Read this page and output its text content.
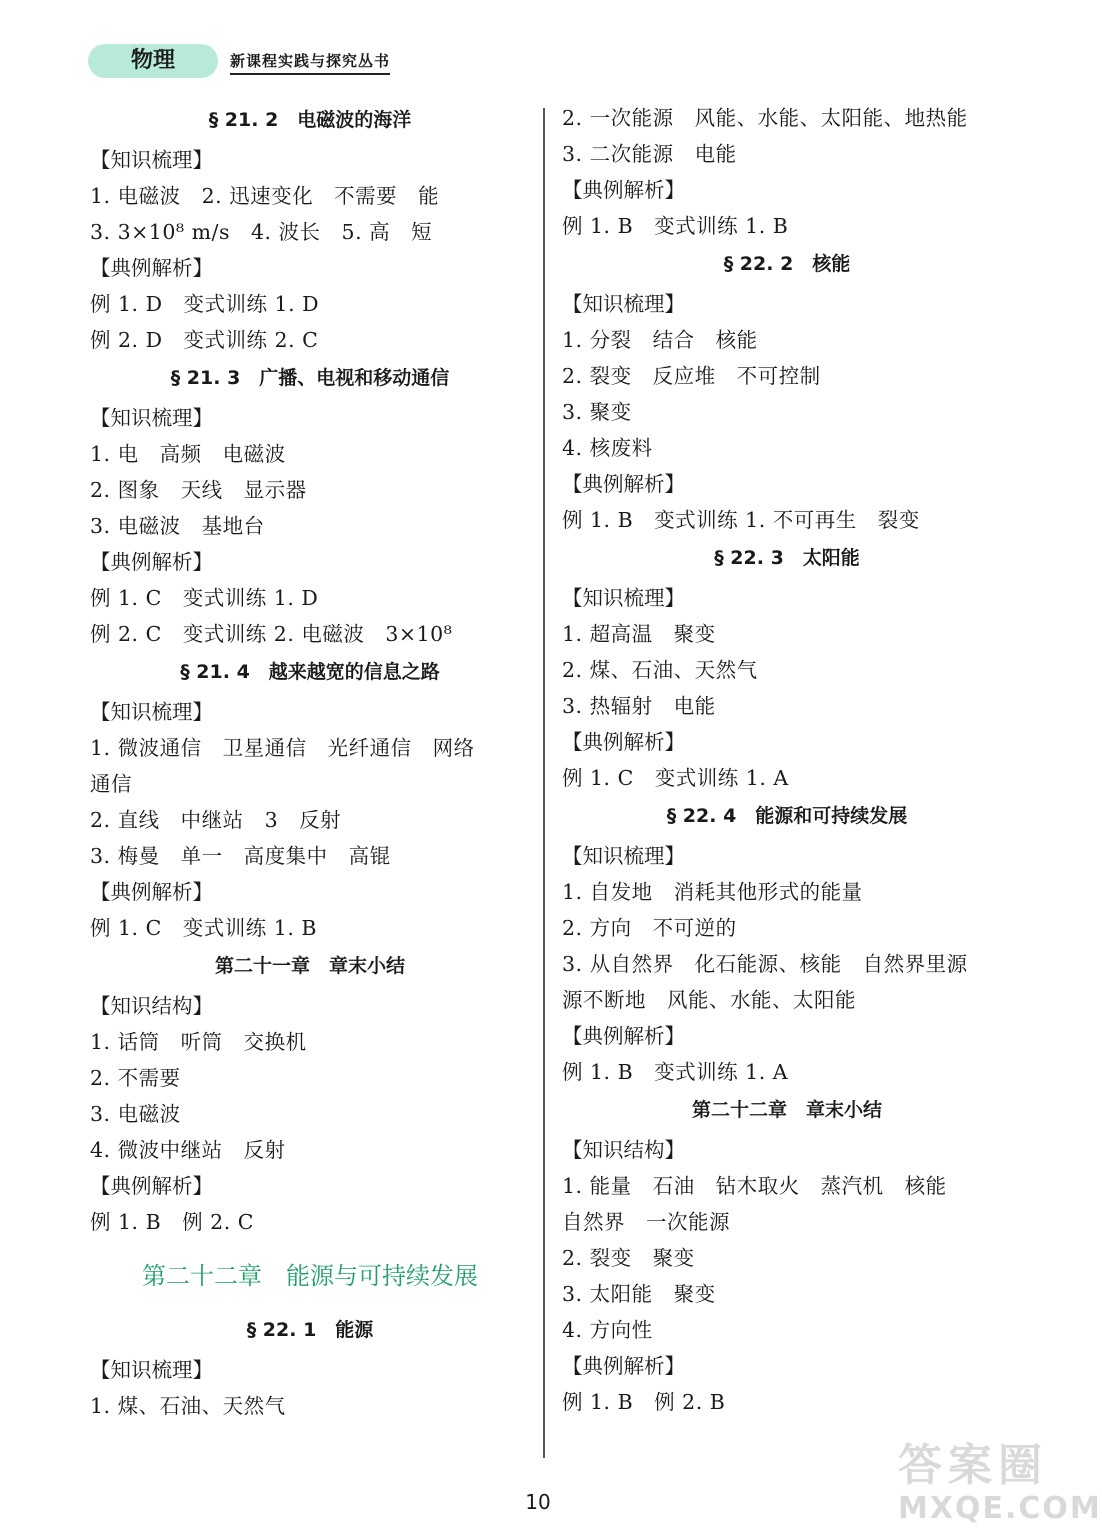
物理	新课程实践与探究丛书
§ 21. 2　电磁波的海洋
【知识梳理】
1. 电磁波　2. 迅速变化　不需要　能
3. 3×10⁸ m/s　4. 波长　5. 高　短
【典例解析】
例 1. D　变式训练 1. D
例 2. D　变式训练 2. C
§ 21. 3　广播、电视和移动通信
【知识梳理】
1. 电　高频　电磁波
2. 图象　天线　显示器
3. 电磁波　基地台
【典例解析】
例 1. C　变式训练 1. D
例 2. C　变式训练 2. 电磁波　3×10⁸
§ 21. 4　越来越宽的信息之路
【知识梳理】
1. 微波通信　卫星通信　光纤通信　网络
通信
2. 直线　中继站　3　反射
3. 梅曼　单一　高度集中　高锟
【典例解析】
例 1. C　变式训练 1. B
第二十一章　章末小结
【知识结构】
1. 话筒　听筒　交换机
2. 不需要
3. 电磁波
4. 微波中继站　反射
【典例解析】
例 1. B　例 2. C
第二十二章　能源与可持续发展
§ 22. 1　能源
【知识梳理】
1. 煤、石油、天然气
2. 一次能源　风能、水能、太阳能、地热能
3. 二次能源　电能
【典例解析】
例 1. B　变式训练 1. B
§ 22. 2　核能
【知识梳理】
1. 分裂　结合　核能
2. 裂变　反应堆　不可控制
3. 聚变
4. 核废料
【典例解析】
例 1. B　变式训练 1. 不可再生　裂变
§ 22. 3　太阳能
【知识梳理】
1. 超高温　聚变
2. 煤、石油、天然气
3. 热辐射　电能
【典例解析】
例 1. C　变式训练 1. A
§ 22. 4　能源和可持续发展
【知识梳理】
1. 自发地　消耗其他形式的能量
2. 方向　不可逆的
3. 从自然界　化石能源、核能　自然界里源
源不断地　风能、水能、太阳能
【典例解析】
例 1. B　变式训练 1. A
第二十二章　章末小结
【知识结构】
1. 能量　石油　钻木取火　蒸汽机　核能
自然界　一次能源
2. 裂变　聚变
3. 太阳能　聚变
4. 方向性
【典例解析】
例 1. B　例 2. B
10
答案圈
MXQE.COM
